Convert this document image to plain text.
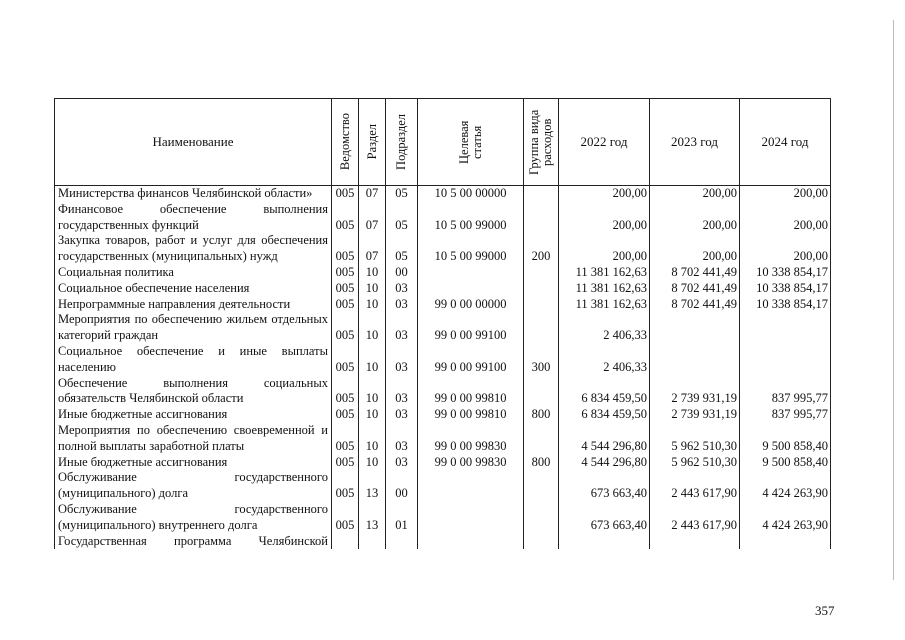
Наименование	Ведомство	Раздел	Подраздел	Целевая статья	Группа вида расходов	2022 год	2023 год	2024 год
Министерства финансов Челябинской области»	005	07	05	10 5 00 00000		200,00	200,00	200,00
Финансовое обеспечение выполнения государственных функций	005	07	05	10 5 00 99000		200,00	200,00	200,00
Закупка товаров, работ и услуг для обеспечения государственных (муниципальных) нужд	005	07	05	10 5 00 99000	200	200,00	200,00	200,00
Социальная политика	005	10	00			11 381 162,63	8 702 441,49	10 338 854,17
Социальное обеспечение населения	005	10	03			11 381 162,63	8 702 441,49	10 338 854,17
Непрограммные направления деятельности	005	10	03	99 0 00 00000		11 381 162,63	8 702 441,49	10 338 854,17
Мероприятия по обеспечению жильем отдельных категорий граждан	005	10	03	99 0 00 99100		2 406,33		
Социальное обеспечение и иные выплаты населению	005	10	03	99 0 00 99100	300	2 406,33		
Обеспечение выполнения социальных обязательств Челябинской области	005	10	03	99 0 00 99810		6 834 459,50	2 739 931,19	837 995,77
Иные бюджетные ассигнования	005	10	03	99 0 00 99810	800	6 834 459,50	2 739 931,19	837 995,77
Мероприятия по обеспечению своевременной и полной выплаты заработной платы	005	10	03	99 0 00 99830		4 544 296,80	5 962 510,30	9 500 858,40
Иные бюджетные ассигнования	005	10	03	99 0 00 99830	800	4 544 296,80	5 962 510,30	9 500 858,40
Обслуживание государственного (муниципального) долга	005	13	00			673 663,40	2 443 617,90	4 424 263,90
Обслуживание государственного (муниципального) внутреннего долга	005	13	01			673 663,40	2 443 617,90	4 424 263,90
Государственная программа Челябинской								
357
